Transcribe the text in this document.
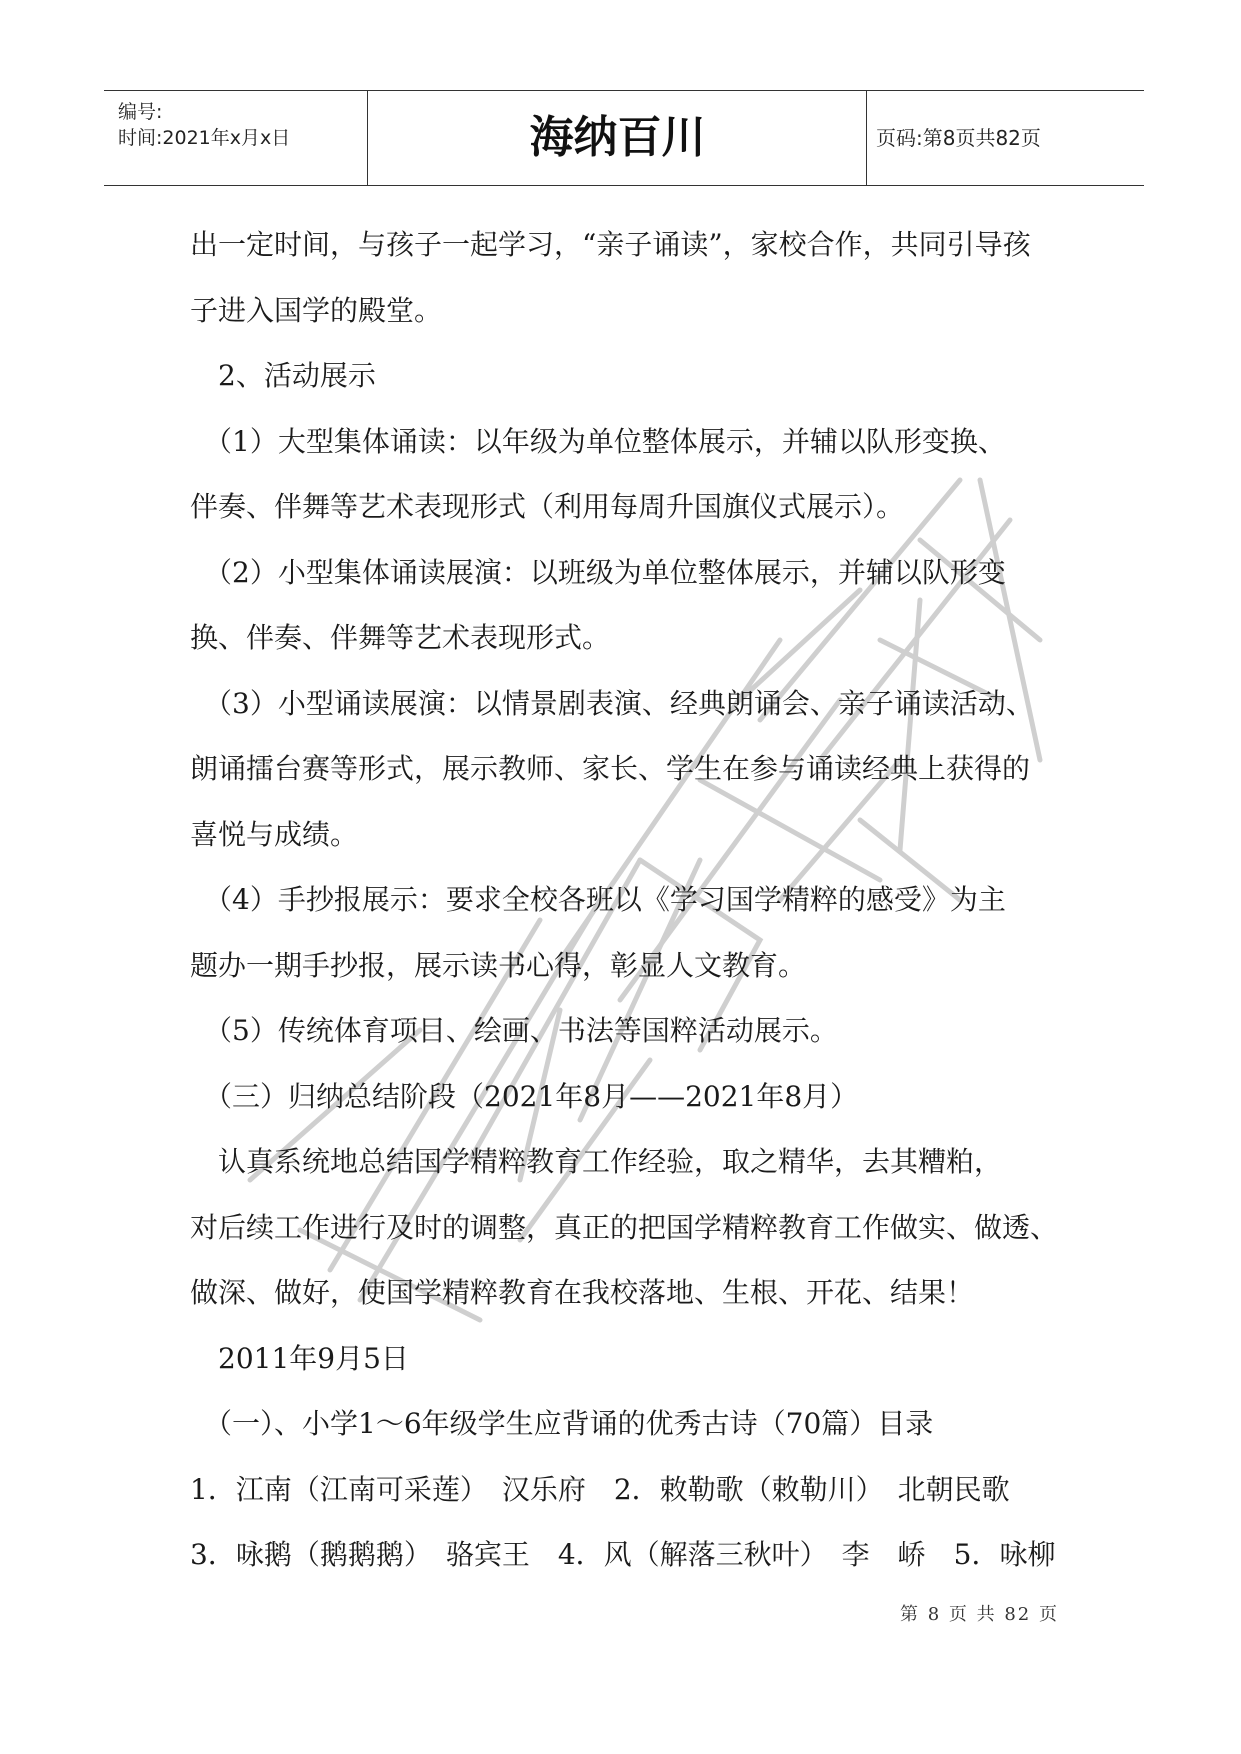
编号:
时间:2021年x月x日	海纳百川	页码:第8页共82页

出一定时间，与孩子一起学习，“亲子诵读”，家校合作，共同引导孩

子进入国学的殿堂。

　2、活动展示

　（1）大型集体诵读：以年级为单位整体展示，并辅以队形变换、

伴奏、伴舞等艺术表现形式（利用每周升国旗仪式展示）。

　（2）小型集体诵读展演：以班级为单位整体展示，并辅以队形变

换、伴奏、伴舞等艺术表现形式。

　（3）小型诵读展演：以情景剧表演、经典朗诵会、亲子诵读活动、

朗诵擂台赛等形式，展示教师、家长、学生在参与诵读经典上获得的

喜悦与成绩。

　（4）手抄报展示：要求全校各班以《学习国学精粹的感受》为主

题办一期手抄报，展示读书心得，彰显人文教育。

　（5）传统体育项目、绘画、书法等国粹活动展示。

　（三）归纳总结阶段（2021年8月——2021年8月）

　认真系统地总结国学精粹教育工作经验，取之精华，去其糟粕，

对后续工作进行及时的调整，真正的把国学精粹教育工作做实、做透、

做深、做好，使国学精粹教育在我校落地、生根、开花、结果！

　2011年9月5日

　（一）、小学1～6年级学生应背诵的优秀古诗（70篇）目录

1．江南（江南可采莲）　汉乐府　2．敕勒歌（敕勒川）　北朝民歌

3．咏鹅（鹅鹅鹅）　骆宾王　4．风（解落三秋叶）　李　峤　5．咏柳

第 8 页 共 82 页
